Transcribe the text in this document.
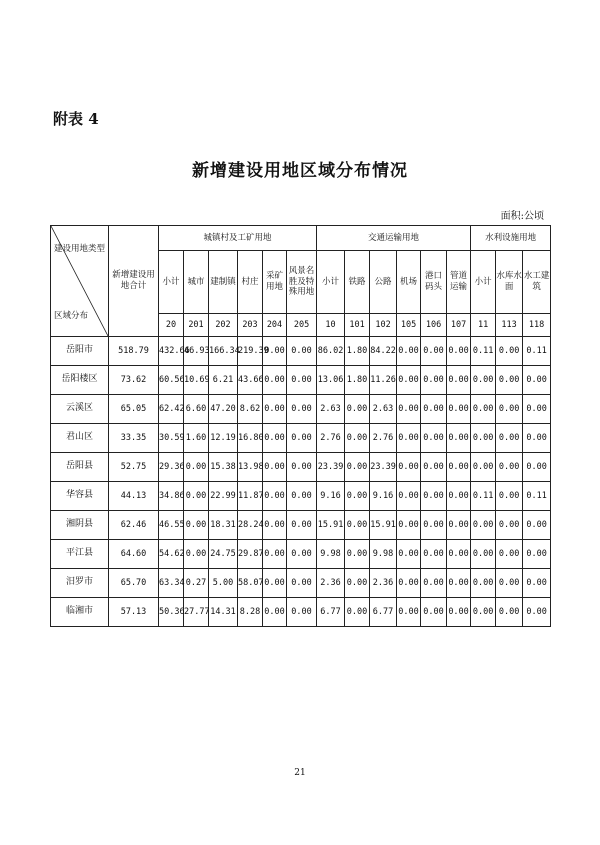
附表 4
新增建设用地区域分布情况
面积:公顷
建设用地类型
区域分布	新增建设用地合计	城镇村及工矿用地						交通运输用地						水利设施用地		
		小计	城市	建制镇	村庄	采矿用地	风景名胜及特殊用地	小计	铁路	公路	机场	港口码头	管道运输	小计	水库水面	水工建筑
		20	201	202	203	204	205	10	101	102	105	106	107	11	113	118
岳阳市	518.79	432.66	46.93	166.34	219.39	0.00	0.00	86.02	1.80	84.22	0.00	0.00	0.00	0.11	0.00	0.11
岳阳楼区	73.62	60.56	10.69	6.21	43.66	0.00	0.00	13.06	1.80	11.26	0.00	0.00	0.00	0.00	0.00	0.00
云溪区	65.05	62.42	6.60	47.20	8.62	0.00	0.00	2.63	0.00	2.63	0.00	0.00	0.00	0.00	0.00	0.00
君山区	33.35	30.59	1.60	12.19	16.80	0.00	0.00	2.76	0.00	2.76	0.00	0.00	0.00	0.00	0.00	0.00
岳阳县	52.75	29.36	0.00	15.38	13.98	0.00	0.00	23.39	0.00	23.39	0.00	0.00	0.00	0.00	0.00	0.00
华容县	44.13	34.86	0.00	22.99	11.87	0.00	0.00	9.16	0.00	9.16	0.00	0.00	0.00	0.11	0.00	0.11
湘阴县	62.46	46.55	0.00	18.31	28.24	0.00	0.00	15.91	0.00	15.91	0.00	0.00	0.00	0.00	0.00	0.00
平江县	64.60	54.62	0.00	24.75	29.87	0.00	0.00	9.98	0.00	9.98	0.00	0.00	0.00	0.00	0.00	0.00
汨罗市	65.70	63.34	0.27	5.00	58.07	0.00	0.00	2.36	0.00	2.36	0.00	0.00	0.00	0.00	0.00	0.00
临湘市	57.13	50.36	27.77	14.31	8.28	0.00	0.00	6.77	0.00	6.77	0.00	0.00	0.00	0.00	0.00	0.00
21
